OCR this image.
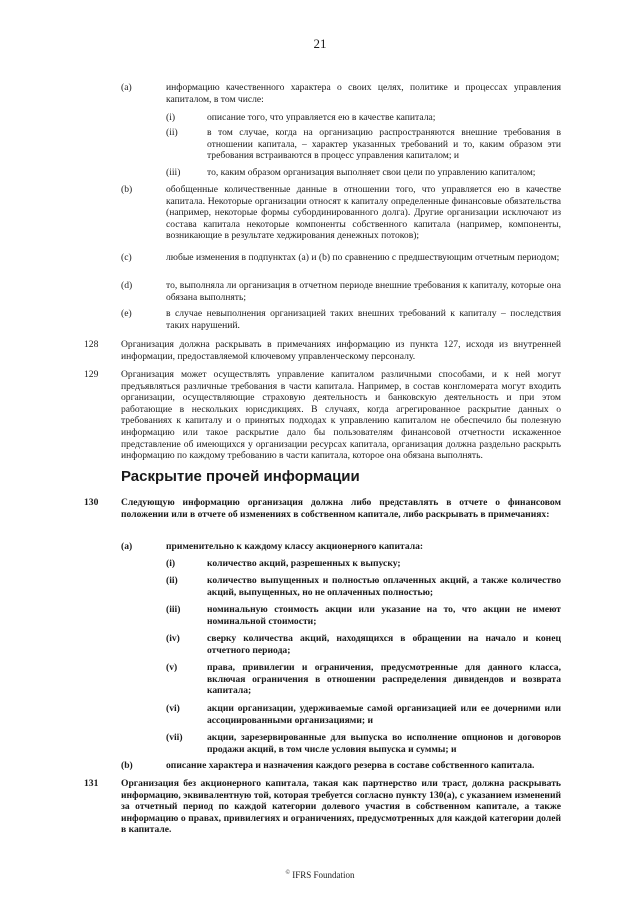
21
(a)	информацию качественного характера о своих целях, политике и процессах управления капиталом, в том числе:
(i)	описание того, что управляется ею в качестве капитала;
(ii)	в том случае, когда на организацию распространяются внешние требования в отношении капитала, – характер указанных требований и то, каким образом эти требования встраиваются в процесс управления капиталом; и
(iii)	то, каким образом организация выполняет свои цели по управлению капиталом;
(b)	обобщенные количественные данные в отношении того, что управляется ею в качестве капитала. Некоторые организации относят к капиталу определенные финансовые обязательства (например, некоторые формы субординированного долга). Другие организации исключают из состава капитала некоторые компоненты собственного капитала (например, компоненты, возникающие в результате хеджирования денежных потоков);
(c)	любые изменения в подпунктах (a) и (b) по сравнению с предшествующим отчетным периодом;
(d)	то, выполняла ли организация в отчетном периоде внешние требования к капиталу, которые она обязана выполнять;
(e)	в случае невыполнения организацией таких внешних требований к капиталу – последствия таких нарушений.
128 Организация должна раскрывать в примечаниях информацию из пункта 127, исходя из внутренней информации, предоставляемой ключевому управленческому персоналу.
129 Организация может осуществлять управление капиталом различными способами, и к ней могут предъявляться различные требования в части капитала. Например, в состав конгломерата могут входить организации, осуществляющие страховую деятельность и банковскую деятельность и при этом работающие в нескольких юрисдикциях. В случаях, когда агрегированное раскрытие данных о требованиях к капиталу и о принятых подходах к управлению капиталом не обеспечило бы полезную информацию или такое раскрытие дало бы пользователям финансовой отчетности искаженное представление об имеющихся у организации ресурсах капитала, организация должна раздельно раскрыть информацию по каждому требованию в части капитала, которое она обязана выполнять.
Раскрытие прочей информации
130 Следующую информацию организация должна либо представлять в отчете о финансовом положении или в отчете об изменениях в собственном капитале, либо раскрывать в примечаниях:
(a)	применительно к каждому классу акционерного капитала:
(i)	количество акций, разрешенных к выпуску;
(ii)	количество выпущенных и полностью оплаченных акций, а также количество акций, выпущенных, но не оплаченных полностью;
(iii)	номинальную стоимость акции или указание на то, что акции не имеют номинальной стоимости;
(iv)	сверку количества акций, находящихся в обращении на начало и конец отчетного периода;
(v)	права, привилегии и ограничения, предусмотренные для данного класса, включая ограничения в отношении распределения дивидендов и возврата капитала;
(vi)	акции организации, удерживаемые самой организацией или ее дочерними или ассоциированными организациями; и
(vii)	акции, зарезервированные для выпуска во исполнение опционов и договоров продажи акций, в том числе условия выпуска и суммы; и
(b)	описание характера и назначения каждого резерва в составе собственного капитала.
131 Организация без акционерного капитала, такая как партнерство или траст, должна раскрывать информацию, эквивалентную той, которая требуется согласно пункту 130(a), с указанием изменений за отчетный период по каждой категории долевого участия в собственном капитале, а также информацию о правах, привилегиях и ограничениях, предусмотренных для каждой категории долей в капитале.
© IFRS Foundation
